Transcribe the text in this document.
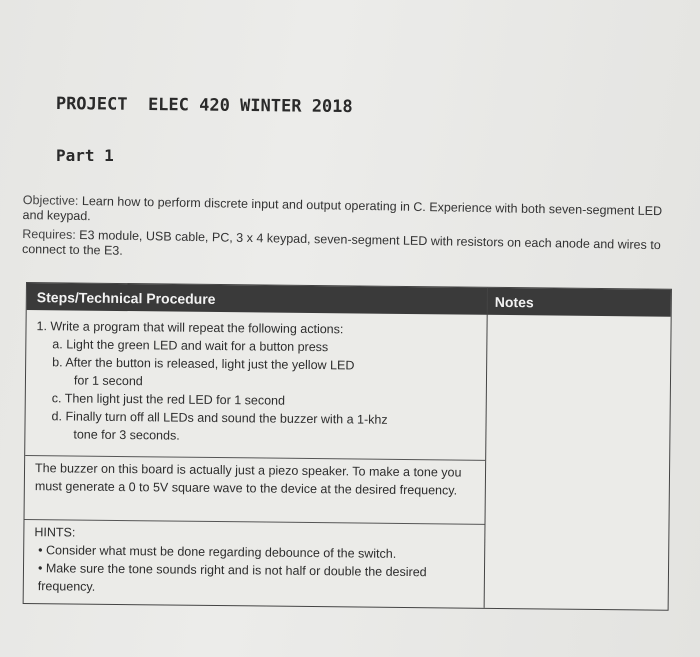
PROJECT  ELEC 420 WINTER 2018
Part 1

Objective: Learn how to perform discrete input and output operating in C. Experience with both seven-segment LED and keypad.

Requires: E3 module, USB cable, PC, 3 x 4 keypad, seven-segment LED with resistors on each anode and wires to connect to the E3.

Steps/Technical Procedure	Notes
1. Write a program that will repeat the following actions:
a. Light the green LED and wait for a button press
b. After the button is released, light just the yellow LED
for 1 second
c. Then light just the red LED for 1 second
d. Finally turn off all LEDs and sound the buzzer with a 1-khz
tone for 3 seconds.
The buzzer on this board is actually just a piezo speaker. To make a tone you must generate a 0 to 5V square wave to the device at the desired frequency.
HINTS:
• Consider what must be done regarding debounce of the switch.
• Make sure the tone sounds right and is not half or double the desired frequency.
